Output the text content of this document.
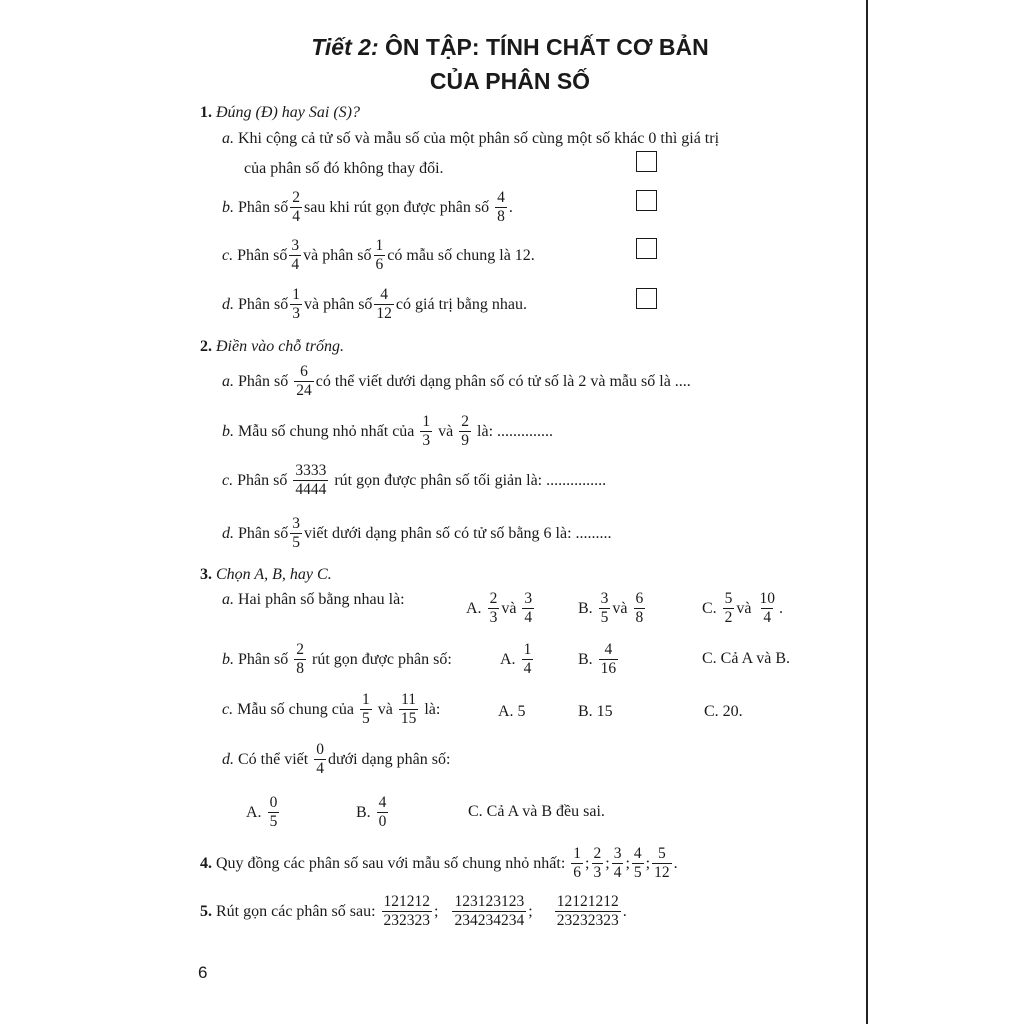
Tiết 2: ÔN TẬP: TÍNH CHẤT CƠ BẢN
CỦA PHÂN SỐ
1.
Đúng (Đ) hay Sai (S)?
a.
Khi cộng cả tử số và mẫu số của một phân số cùng một số khác 0 thì giá trị
của phân số đó không thay đổi.
b.
Phân số $\frac{2}{4}$ sau khi rút gọn được phân số
$\frac{4}{8}$ .
c.
Phân số $\frac{3}{4}$ và phân số $\frac{1}{6}$ có mẫu số chung là 12.
d.
Phân số $\frac{1}{3}$ và phân số $\frac{4}{12}$ có giá trị bằng nhau.
2.
Điền vào chỗ trống.
a.
Phân số
$\frac{6}{24}$ có thể viết dưới dạng phân số có tử số là 2 và mẫu số là ....
b.
Mẫu số chung nhỏ nhất của
$\frac{1}{3}$
và
$\frac{2}{9}$
là: ..............
c.
Phân số
$\frac{3333}{4444}$
rút gọn được phân số tối giản là: ...............
d.
Phân số $\frac{3}{5}$ viết dưới dạng phân số có tử số bằng 6 là: .........
3.
Chọn A, B, hay C.
a.
Hai phân số bằng nhau là:
A.
$\frac{2}{3}$ và
$\frac{3}{4}$	B.
$\frac{3}{5}$ và
$\frac{6}{8}$	C.
$\frac{5}{2}$ và
$\frac{10}{4}$ .
b.
Phân số
$\frac{2}{8}$
rút gọn được phân số:	A.
$\frac{1}{4}$	B.
$\frac{4}{16}$	C. Cả A và B.
c.
Mẫu số chung của
$\frac{1}{5}$
và
$\frac{11}{15}$
là:	A. 5	B. 15	C. 20.
d.
Có thể viết
$\frac{0}{4}$ dưới dạng phân số:
A.
$\frac{0}{5}$	B.
$\frac{4}{0}$	C. Cả A và B đều sai.
4.
Quy đồng các phân số sau với mẫu số chung nhỏ nhất:
$\frac{1}{6}$ ; $\frac{2}{3}$ ; $\frac{3}{4}$ ; $\frac{4}{5}$ ; $\frac{5}{12}$ .
5.
Rút gọn các phân số sau:
$\frac{121212}{232323}$ ;
$\frac{123123123}{234234234}$ ;
$\frac{12121212}{23232323}$ .
6
